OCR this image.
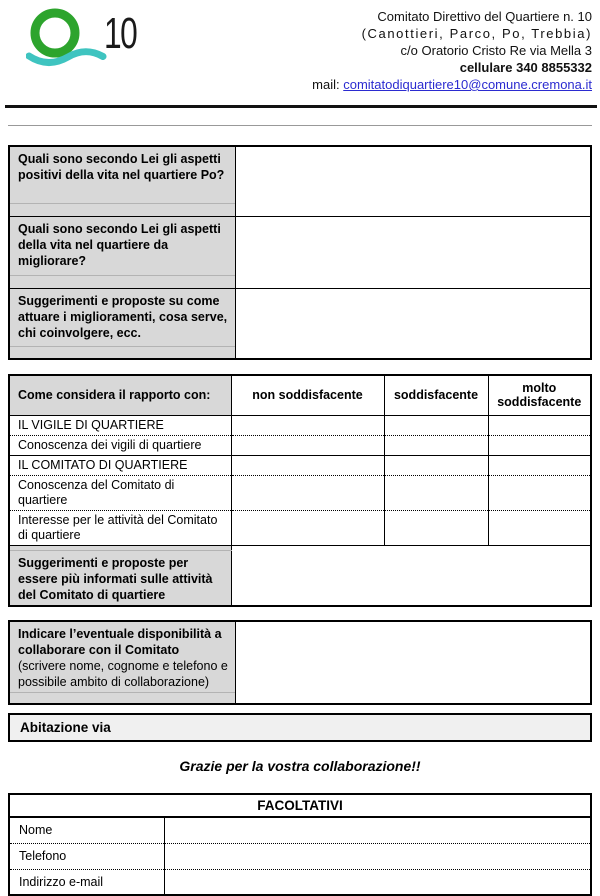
10	Comitato Direttivo del Quartiere n. 10
(Canottieri, Parco, Po, Trebbia)
c/o Oratorio Cristo Re via Mella 3
cellulare 340 8855332
mail: comitatodiquartiere10@comune.cremona.it
Quali sono secondo Lei gli aspetti positivi della vita nel quartiere Po?	

Quali sono secondo Lei gli aspetti della vita nel quartiere da migliorare?	

Suggerimenti e proposte su come attuare i miglioramenti, cosa serve, chi coinvolgere, ecc.	

Come considera il rapporto con:	non soddisfacente	soddisfacente	molto soddisfacente
IL VIGILE DI QUARTIERE			
Conoscenza dei vigili di quartiere			
IL COMITATO DI QUARTIERE			
Conoscenza del Comitato di quartiere			
Interesse per le attività del Comitato di quartiere			

Suggerimenti e proposte per essere più informati sulle attività del Comitato di quartiere			
Indicare l’eventuale disponibilità a collaborare con il Comitato (scrivere nome, cognome e telefono e possibile ambito di collaborazione)	

Abitazione via
Grazie per la vostra collaborazione!!
FACOLTATIVI	
Nome	
Telefono	
Indirizzo e-mail	
